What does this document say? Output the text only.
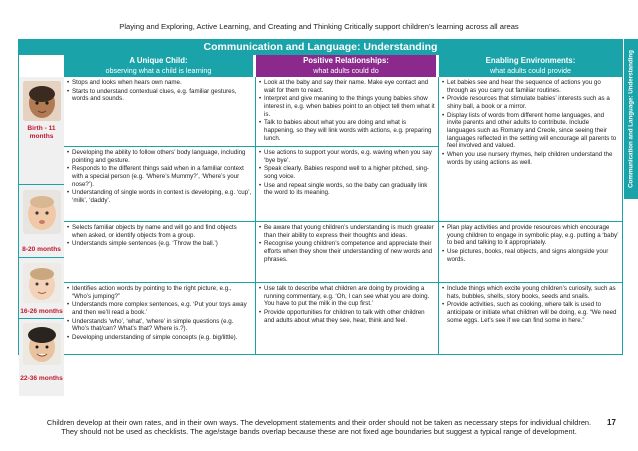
Playing and Exploring, Active Learning, and Creating and Thinking Critically support children’s learning across all areas
Communication and Language: Understanding
A Unique Child:
observing what a child is learning
Positive Relationships:
what adults could do
Enabling Environments:
what adults could provide
Birth - 11 months
8-20 months
16-26 months
22-36 months
• Stops and looks when hears own name.
• Starts to understand contextual clues, e.g. familiar gestures, words and sounds.
• Look at the baby and say their name. Make eye contact and wait for them to react.
• Interpret and give meaning to the things young babies show interest in, e.g. when babies point to an object tell them what it is.
• Talk to babies about what you are doing and what is happening, so they will link words with actions, e.g. preparing lunch.
• Let babies see and hear the sequence of actions you go through as you carry out familiar routines.
• Provide resources that stimulate babies’ interests such as a shiny ball, a book or a mirror.
• Display lists of words from different home languages, and invite parents and other adults to contribute. Include languages such as Romany and Creole, since seeing their languages reflected in the setting will encourage all parents to feel involved and valued.
• When you use nursery rhymes, help children understand the words by using actions as well.
• Developing the ability to follow others’ body language, including pointing and gesture.
• Responds to the different things said when in a familiar context with a special person (e.g. ‘Where’s Mummy?’, ‘Where’s your nose?’).
• Understanding of single words in context is developing, e.g. ‘cup’, ‘milk’, ‘daddy’.
• Use actions to support your words, e.g. waving when you say ‘bye bye’.
• Speak clearly. Babies respond well to a higher pitched, sing-song voice.
• Use and repeat single words, so the baby can gradually link the word to its meaning.
• Selects familiar objects by name and will go and find objects when asked, or identify objects from a group.
• Understands simple sentences (e.g. ‘Throw the ball.’)
• Be aware that young children’s understanding is much greater than their ability to express their thoughts and ideas.
• Recognise young children’s competence and appreciate their efforts when they show their understanding of new words and phrases.
• Plan play activities and provide resources which encourage young children to engage in symbolic play, e.g. putting a ‘baby’ to bed and talking to it appropriately.
• Use pictures, books, real objects, and signs alongside your words.
• Identifies action words by pointing to the right picture, e.g., “Who’s jumping?”
• Understands more complex sentences, e.g. ‘Put your toys away and then we’ll read a book.’
• Understands ‘who’, ‘what’, ‘where’ in simple questions (e.g. Who’s that/can? What’s that? Where is.?).
• Developing understanding of simple concepts (e.g. big/little).
• Use talk to describe what children are doing by providing a running commentary, e.g. ‘Oh, I can see what you are doing. You have to put the milk in the cup first.’
• Provide opportunities for children to talk with other children and adults about what they see, hear, think and feel.
• Include things which excite young children’s curiosity, such as hats, bubbles, shells, story books, seeds and snails.
• Provide activities, such as cooking, where talk is used to anticipate or initiate what children will be doing, e.g. “We need some eggs. Let’s see if we can find some in here.”
Communication and Language: Understanding
Children develop at their own rates, and in their own ways. The development statements and their order should not be taken as necessary steps for individual children.
They should not be used as checklists. The age/stage bands overlap because these are not fixed age boundaries but suggest a typical range of development.
17
